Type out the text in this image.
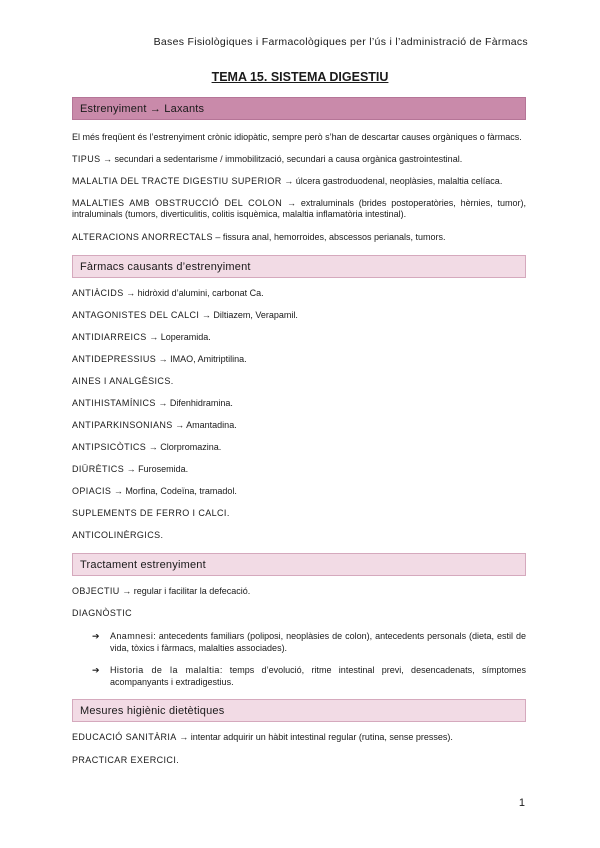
Bases Fisiològiques i Farmacològiques per l’ús i l’administració de Fàrmacs
TEMA 15. SISTEMA DIGESTIU
Estrenyiment → Laxants
El més freqüent és l’estrenyiment crònic idiopàtic, sempre però s’han de descartar causes orgàniques o fàrmacs.
TIPUS → secundari a sedentarisme / immobilització, secundari a causa orgànica gastrointestinal.
MALALTIA DEL TRACTE DIGESTIU SUPERIOR → úlcera gastroduodenal, neoplàsies, malaltia celíaca.
MALALTIES AMB OBSTRUCCIÓ DEL COLON → extraluminals (brides postoperatòries, hèrnies, tumor), intraluminals (tumors, diverticulitis, colitis isquèmica, malaltia inflamatòria intestinal).
ALTERACIONS ANORRECTALS – fissura anal, hemorroides, abscessos perianals, tumors.
Fàrmacs causants d’estrenyiment
ANTIÀCIDS → hidròxid d’alumini, carbonat Ca.
ANTAGONISTES DEL CALCI → Diltiazem, Verapamil.
ANTIDIARREICS → Loperamida.
ANTIDEPRESSIUS → IMAO, Amitriptilina.
AINES I ANALGÈSICS.
ANTIHISTAMÍNICS → Difenhidramina.
ANTIPARKINSONIANS → Amantadina.
ANTIPSICÒTICS → Clorpromazina.
DIÜRÈTICS → Furosemida.
OPIACIS → Morfina, Codeïna, tramadol.
SUPLEMENTS DE FERRO I CALCI.
ANTICOLINÈRGICS.
Tractament estrenyiment
OBJECTIU → regular i facilitar la defecació.
DIAGNÒSTIC
➔ Anamnesi: antecedents familiars (poliposi, neoplàsies de colon), antecedents personals (dieta, estil de vida, tòxics i fàrmacs, malalties associades).
➔ Historia de la malaltia: temps d’evolució, ritme intestinal previ, desencadenats, símptomes acompanyants i extradigestius.
Mesures higiènic dietètiques
EDUCACIÓ SANITÀRIA → intentar adquirir un hàbit intestinal regular (rutina, sense presses).
PRACTICAR EXERCICI.
1
